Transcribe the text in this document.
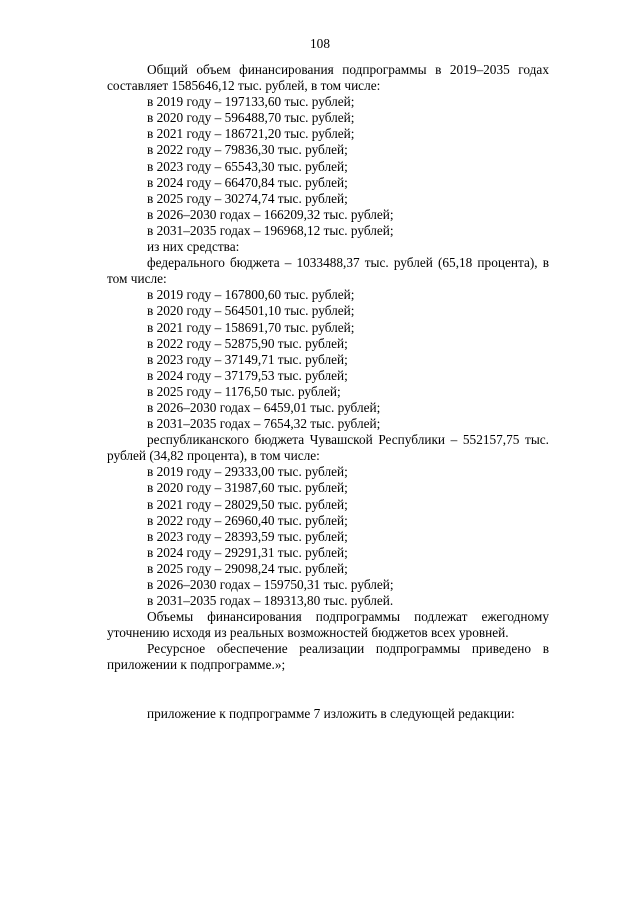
108

Общий объем финансирования подпрограммы в 2019–2035 годах составляет 1585646,12 тыс. рублей, в том числе:

в 2019 году – 197133,60 тыс. рублей;

в 2020 году – 596488,70 тыс. рублей;

в 2021 году – 186721,20 тыс. рублей;

в 2022 году – 79836,30 тыс. рублей;

в 2023 году – 65543,30 тыс. рублей;

в 2024 году – 66470,84 тыс. рублей;

в 2025 году – 30274,74 тыс. рублей;

в 2026–2030 годах – 166209,32 тыс. рублей;

в 2031–2035 годах – 196968,12 тыс. рублей;

из них средства:

федерального бюджета – 1033488,37 тыс. рублей (65,18 процента), в том числе:

в 2019 году – 167800,60 тыс. рублей;

в 2020 году – 564501,10 тыс. рублей;

в 2021 году – 158691,70 тыс. рублей;

в 2022 году – 52875,90 тыс. рублей;

в 2023 году – 37149,71 тыс. рублей;

в 2024 году – 37179,53 тыс. рублей;

в 2025 году – 1176,50 тыс. рублей;

в 2026–2030 годах – 6459,01 тыс. рублей;

в 2031–2035 годах – 7654,32 тыс. рублей;

республиканского бюджета Чувашской Республики – 552157,75 тыс. рублей (34,82 процента), в том числе:

в 2019 году – 29333,00 тыс. рублей;

в 2020 году – 31987,60 тыс. рублей;

в 2021 году – 28029,50 тыс. рублей;

в 2022 году – 26960,40 тыс. рублей;

в 2023 году – 28393,59 тыс. рублей;

в 2024 году – 29291,31 тыс. рублей;

в 2025 году – 29098,24 тыс. рублей;

в 2026–2030 годах – 159750,31 тыс. рублей;

в 2031–2035 годах – 189313,80 тыс. рублей.

Объемы финансирования подпрограммы подлежат ежегодному уточнению исходя из реальных возможностей бюджетов всех уровней.

Ресурсное обеспечение реализации подпрограммы приведено в приложении к подпрограмме.»;

приложение к подпрограмме 7 изложить в следующей редакции:
